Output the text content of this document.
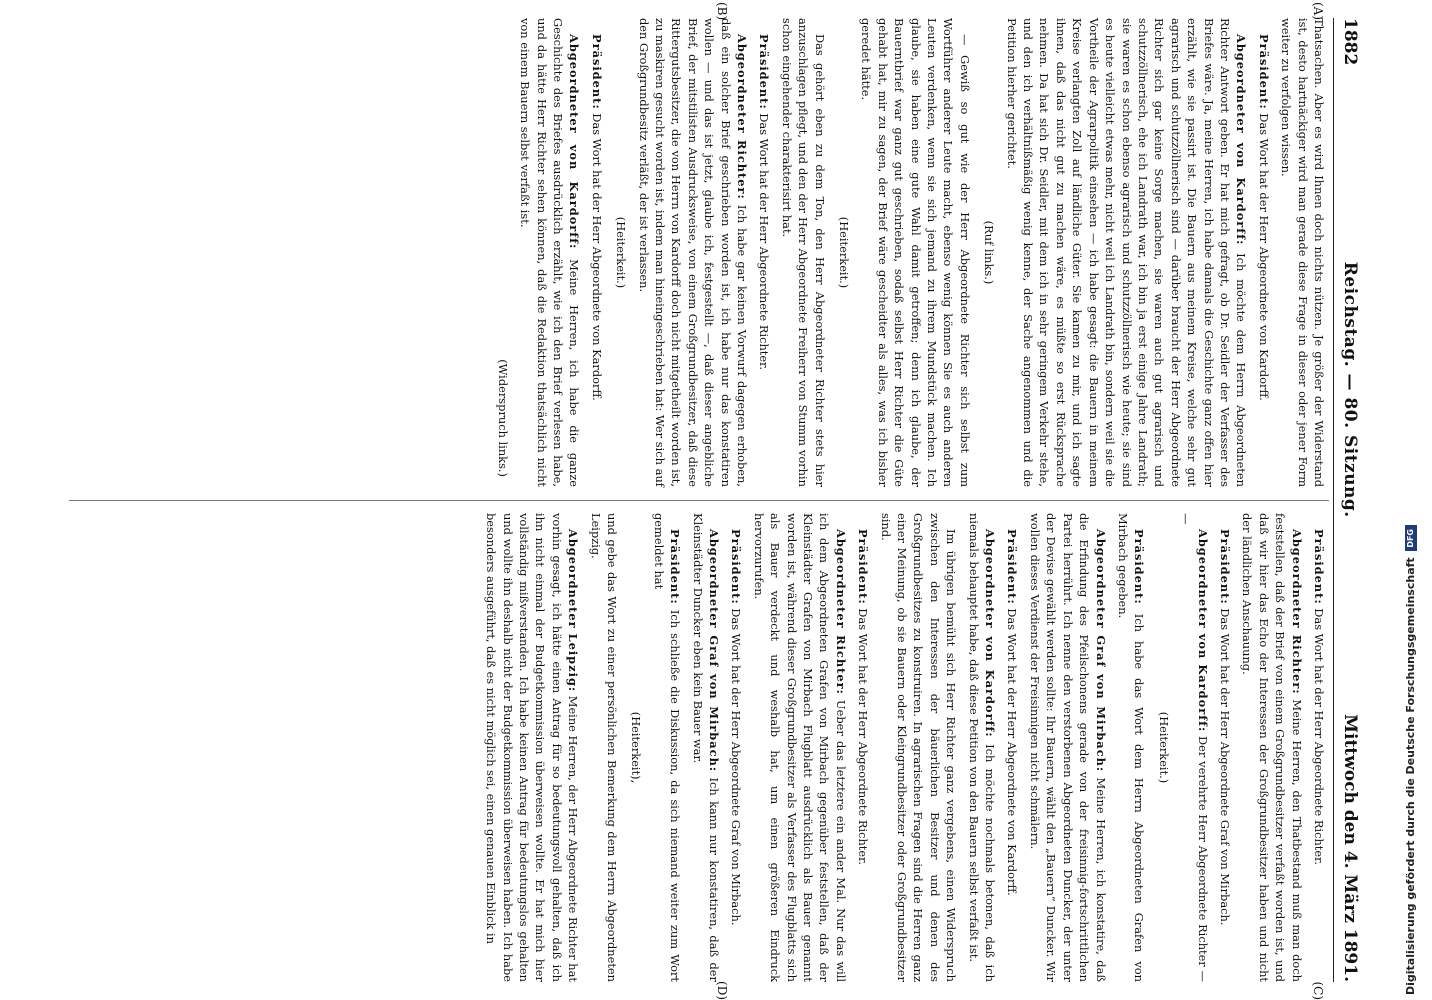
1882
Reichstag. — 80. Sitzung.
Mittwoch den 4. März 1891.
(A)
(B)
(C)
(D)

Thatsachen. Aber es wird Ihnen doch nichts nützen. Je größer der Widerstand ist, desto hartnäckiger wird man gerade diese Frage in dieser oder jener Form weiter zu verfolgen wissen.

Präsident: Das Wort hat der Herr Abgeordnete von Kardorff.

Abgeordneter von Kardorff: Ich möchte dem Herrn Abgeordneten Richter Antwort geben. Er hat mich gefragt, ob Dr. Seidler der Verfasser des Briefes wäre. Ja, meine Herren, ich habe damals die Geschichte ganz offen hier erzählt, wie sie passirt ist. Die Bauern aus meinem Kreise, welche sehr gut agrarisch und schutzzöllnerisch sind — darüber braucht der Herr Abgeordnete Richter sich gar keine Sorge machen, sie waren auch gut agrarisch und schutzzöllnerisch, ehe ich Landrath war, ich bin ja erst einige Jahre Landrath; sie waren es schon ebenso agrarisch und schutzzöllnerisch wie heute; sie sind es heute vielleicht etwas mehr, nicht weil ich Landrath bin, sondern weil sie die Vortheile der Agrarpolitik einsehen — ich habe gesagt: die Bauern in meinem Kreise verlangten Zoll auf ländliche Güter. Sie kamen zu mir, und ich sagte ihnen, daß das nicht gut zu machen wäre, es müßte so erst Rücksprache nehmen. Da hat sich Dr. Seidler, mit dem ich in sehr geringem Verkehr stehe, und den ich verhältnißmäßig wenig kenne, der Sache angenommen und die Petition hierher gerichtet.

(Ruf links.)

— Gewiß so gut wie der Herr Abgeordnete Richter sich selbst zum Wortführer anderer Leute macht, ebenso wenig können Sie es auch anderen Leuten verdenken, wenn sie sich jemand zu ihrem Mundstück machen. Ich glaube, sie haben eine gute Wahl damit getroffen; denn ich glaube, der Bauerntbrief war ganz gut geschrieben, sodaß selbst Herr Richter die Güte gehabt hat, mir zu sagen, der Brief wäre gescheidter als alles, was ich bisher geredet hätte.

(Heiterkeit.)

Das gehört eben zu dem Ton, den Herr Abgeordneter Richter stets hier anzuschlagen pflegt, und den der Herr Abgeordnete Freiherr von Stumm vorhin schon eingehender charakterisirt hat.

Präsident: Das Wort hat der Herr Abgeordnete Richter.

Abgeordneter Richter: Ich habe gar keinen Vorwurf dagegen erhoben, daß ein solcher Brief geschrieben worden ist, ich habe nur das konstatiren wollen — und das ist jetzt, glaube ich, festgestellt —, daß dieser angebliche Brief, der mitstilisten Ausdrucksweise, von einem Großgrundbesitzer, daß diese Rittergutsbesitzer, die von Herrn von Kardorff doch nicht mitgetheilt worden ist, zu maskiren gesucht worden ist, indem man hineingeschrieben hat: Wer sich auf den Großgrundbesitz verläßt, der ist verlassen.

(Heiterkeit.)

Präsident: Das Wort hat der Herr Abgeordnete von Kardorff.

Abgeordneter von Kardorff: Meine Herren, ich habe die ganze Geschichte des Briefes ausdrücklich erzählt, wie ich den Brief verlesen habe, und da hätte Herr Richter sehen können, daß die Redaktion thatsächlich nicht von einem Bauern selbst verfaßt ist.

(Widerspruch links.)

Präsident: Das Wort hat der Herr Abgeordnete Richter.

Abgeordneter Richter: Meine Herren, den Thatbestand muß man doch feststellen, daß der Brief von einem Großgrundbesitzer verfaßt worden ist, und daß wir hier das Echo der Interessen der Großgrundbesitzer haben und nicht der ländlichen Anschauung.

Präsident: Das Wort hat der Herr Abgeordnete Graf von Mirbach.

Abgeordneter von Kardorff: Der verehrte Herr Abgeordnete Richter — —

(Heiterkeit.)

Präsident: Ich habe das Wort dem Herrn Abgeordneten Grafen von Mirbach gegeben.

Abgeordneter Graf von Mirbach: Meine Herren, ich konstatire, daß die Erfindung des Pfeilschonens gerade von der freisinnig-fortschrittlichen Partei herrührt. Ich nenne den verstorbenen Abgeordneten Duncker, der unter der Devise gewählt werden sollte: Ihr Bauern, wählt den „Bauern“ Duncker. Wir wollen dieses Verdienst der Freisinnigen nicht schmälern.

Präsident: Das Wort hat der Herr Abgeordnete von Kardorff.

Abgeordneter von Kardorff: Ich möchte nochmals betonen, daß ich niemals behauptet habe, daß diese Petition von den Bauern selbst verfaßt ist.

Im übrigen bemüht sich Herr Richter ganz vergebens, einen Widerspruch zwischen den Interessen der bäuerlichen Besitzer und denen des Großgrundbesitzes zu konstruiren. In agrarischen Fragen sind die Herren ganz einer Meinung, ob sie Bauern oder Kleingrundbesitzer oder Großgrundbesitzer sind.

Präsident: Das Wort hat der Herr Abgeordnete Richter.

Abgeordneter Richter: Ueber das letztere ein ander Mal. Nur das will ich dem Abgeordneten Grafen von Mirbach gegenüber feststellen, daß der Kleinstädter Grafen von Mirbach Flugblatt ausdrücklich als Bauer genannt worden ist, während dieser Großgrundbesitzer als Verfasser des Flugblatts sich als Bauer verdeckt und weshalb hat, um einen größeren Eindruck hervorzurufen.

Präsident: Das Wort hat der Herr Abgeordnete Graf von Mirbach.

Abgeordneter Graf von Mirbach: Ich kann nur konstatiren, daß der Kleinstädter Duncker eben kein Bauer war.

Präsident: Ich schließe die Diskussion, da sich niemand weiter zum Wort gemeldet hat

(Heiterkeit),

und gebe das Wort zu einer persönlichen Bemerkung dem Herrn Abgeordneten Leipzig.

Abgeordneter Leipzig: Meine Herren, der Herr Abgeordnete Richter hat vorhin gesagt, ich hätte einen Antrag für so bedeutungsvoll gehalten, daß ich ihn nicht einmal der Budgetkommission überweisen wollte. Er hat mich hier vollständig mißverstanden. Ich habe keinen Antrag für bedeutungslos gehalten und wollte ihn deshalb nicht der Budgetkommission überweisen haben. Ich habe besonders ausgeführt, daß es nicht möglich sei, einen genauen Einblick in	Digitalisierung gefördert durch die Deutsche Forschungsgemeinschaft
DFG
